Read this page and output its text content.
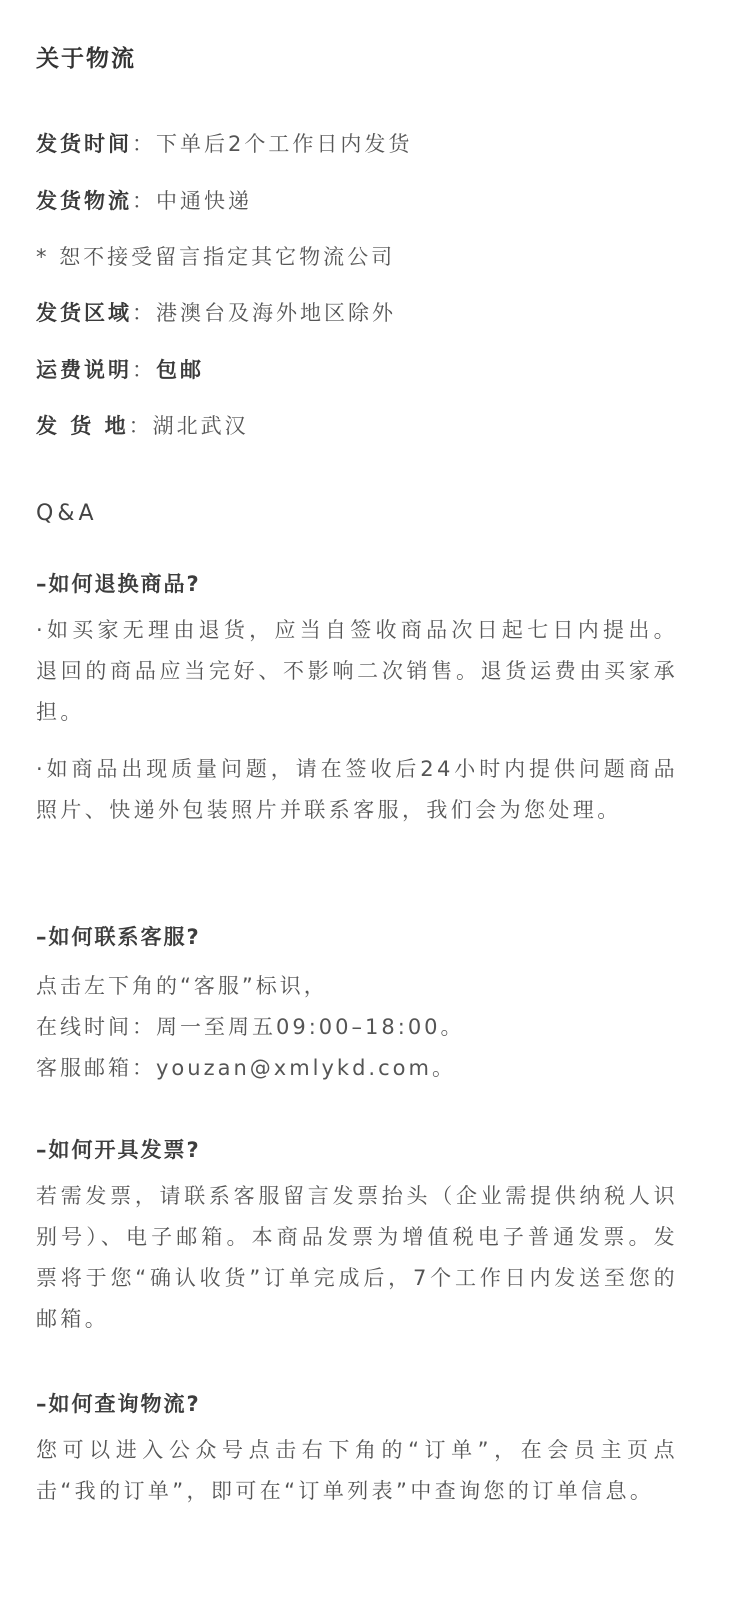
关于物流
发货时间：下单后2个工作日内发货
发货物流：中通快递
* 恕不接受留言指定其它物流公司
发货区域：港澳台及海外地区除外
运费说明：包邮
发 货 地：湖北武汉
Q&A
–如何退换商品?
·如买家无理由退货，应当自签收商品次日起七日内提出。退回的商品应当完好、不影响二次销售。退货运费由买家承担。
·如商品出现质量问题，请在签收后24小时内提供问题商品照片、快递外包装照片并联系客服，我们会为您处理。
–如何联系客服?
点击左下角的“客服”标识，
在线时间：周一至周五09:00–18:00。
客服邮箱：youzan@xmlykd.com。
–如何开具发票?
若需发票，请联系客服留言发票抬头（企业需提供纳税人识别号）、电子邮箱。本商品发票为增值税电子普通发票。发票将于您“确认收货”订单完成后，7个工作日内发送至您的邮箱。
–如何查询物流?
您可以进入公众号点击右下角的“订单”，在会员主页点击“我的订单”，即可在“订单列表”中查询您的订单信息。
